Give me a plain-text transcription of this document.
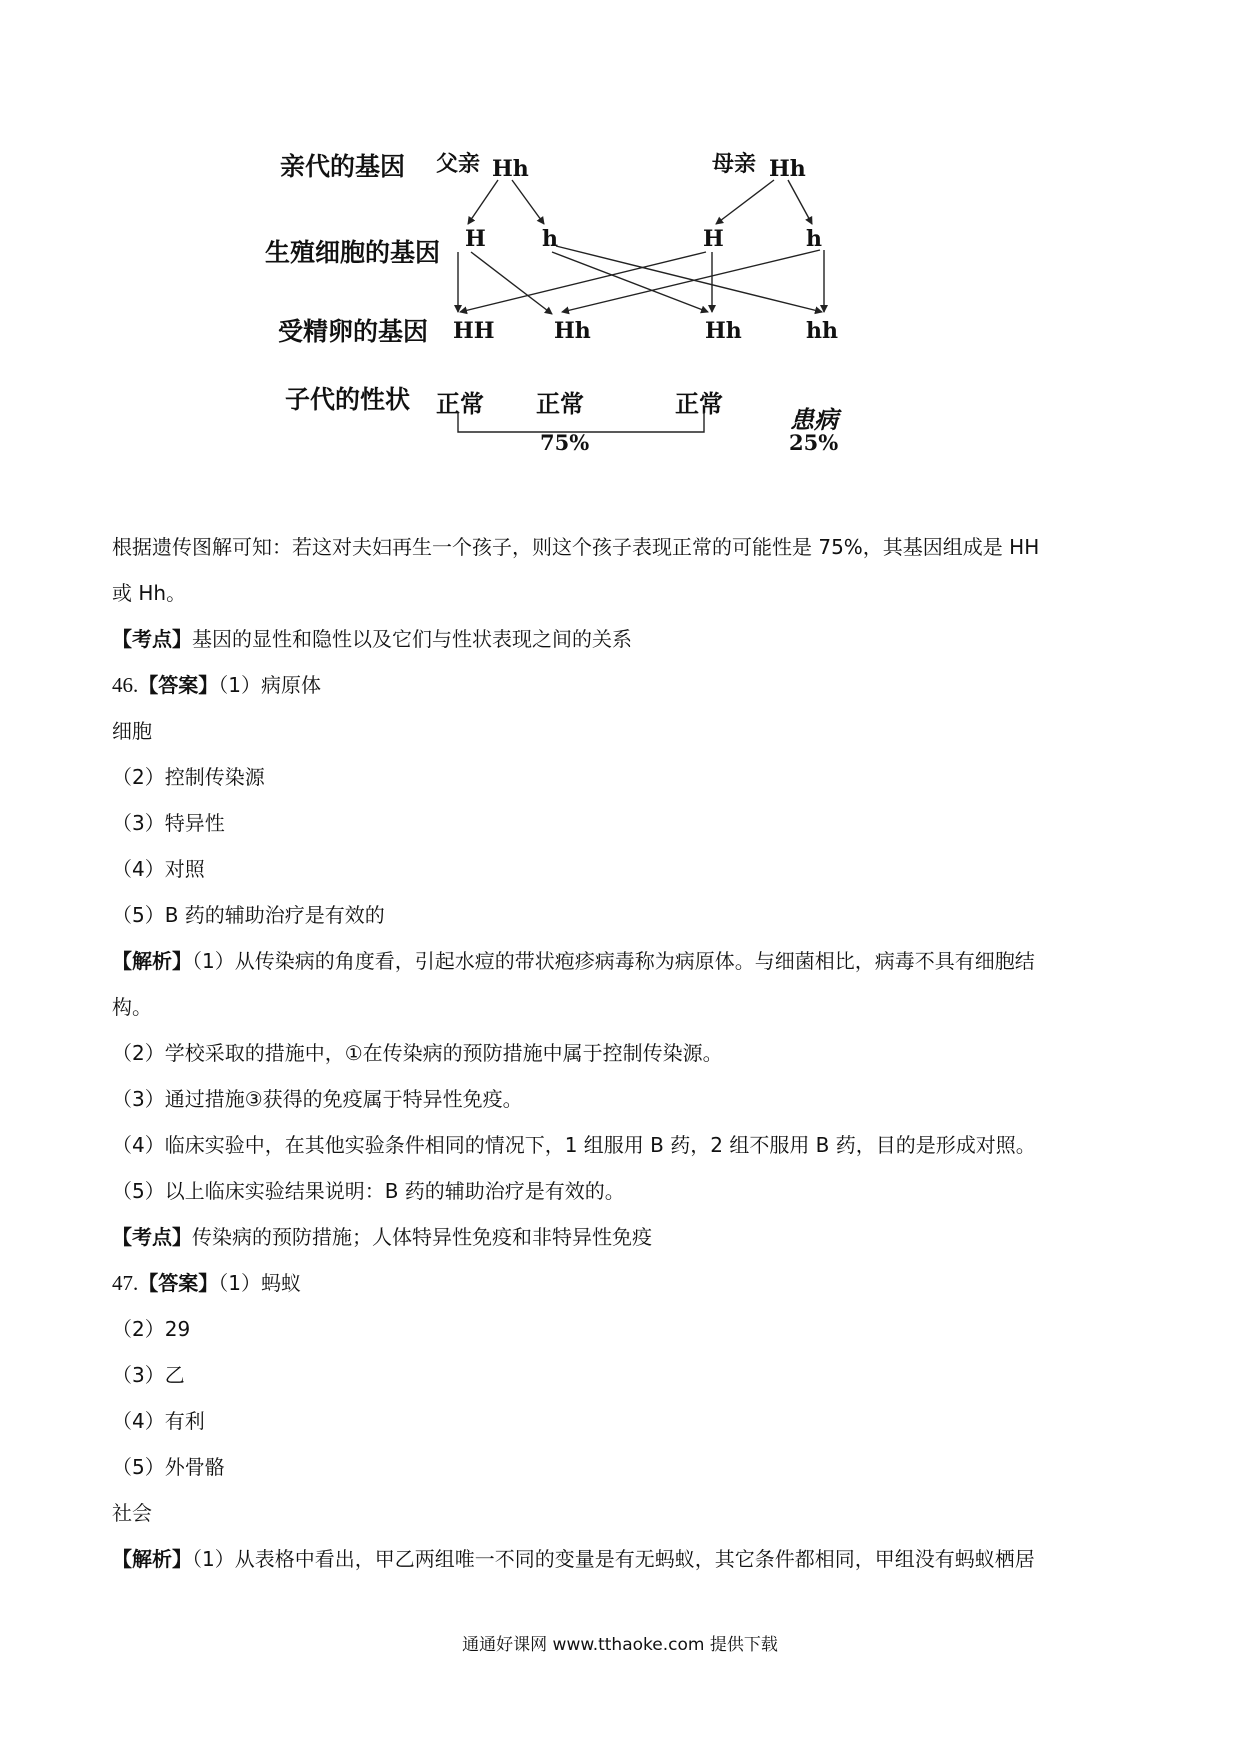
亲代的基因
生殖细胞的基因
受精卵的基因
子代的性状
父亲 Hh	母亲 Hh
H	h	H	h
HH	Hh	Hh	hh
正常 正常	正常
患病
75%	25%
根据遗传图解可知：若这对夫妇再生一个孩子，则这个孩子表现正常的可能性是 75%，其基因组成是 HH
或 Hh。
【考点】基因的显性和隐性以及它们与性状表现之间的关系
46.【答案】（1）病原体
细胞
（2）控制传染源
（3）特异性
（4）对照
（5）B 药的辅助治疗是有效的
【解析】（1）从传染病的角度看，引起水痘的带状疱疹病毒称为病原体。与细菌相比，病毒不具有细胞结
构。
（2）学校采取的措施中，①在传染病的预防措施中属于控制传染源。
（3）通过措施③获得的免疫属于特异性免疫。
（4）临床实验中，在其他实验条件相同的情况下，1 组服用 B 药，2 组不服用 B 药，目的是形成对照。
（5）以上临床实验结果说明：B 药的辅助治疗是有效的。
【考点】传染病的预防措施；人体特异性免疫和非特异性免疫
47.【答案】（1）蚂蚁
（2）29
（3）乙
（4）有利
（5）外骨骼
社会
【解析】（1）从表格中看出，甲乙两组唯一不同的变量是有无蚂蚁，其它条件都相同，甲组没有蚂蚁栖居
通通好课网 www.tthaoke.com 提供下载
